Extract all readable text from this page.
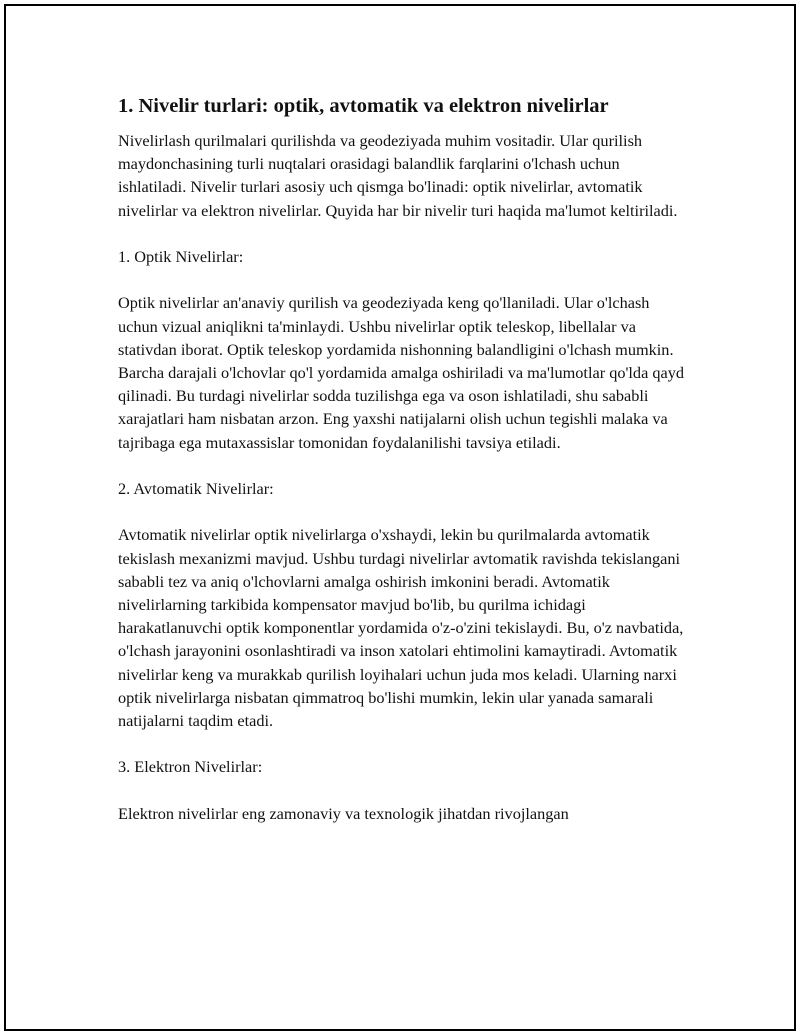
1. Nivelir turlari: optik, avtomatik va elektron nivelirlar

Nivelirlash qurilmalari qurilishda va geodeziyada muhim vositadir. Ular qurilish maydonchasining turli nuqtalari orasidagi balandlik farqlarini o'lchash uchun ishlatiladi. Nivelir turlari asosiy uch qismga bo'linadi: optik nivelirlar, avtomatik nivelirlar va elektron nivelirlar. Quyida har bir nivelir turi haqida ma'lumot keltiriladi.

1. Optik Nivelirlar:

Optik nivelirlar an'anaviy qurilish va geodeziyada keng qo'llaniladi. Ular o'lchash uchun vizual aniqlikni ta'minlaydi. Ushbu nivelirlar optik teleskop, libellalar va stativdan iborat. Optik teleskop yordamida nishonning balandligini o'lchash mumkin. Barcha darajali o'lchovlar qo'l yordamida amalga oshiriladi va ma'lumotlar qo'lda qayd qilinadi. Bu turdagi nivelirlar sodda tuzilishga ega va oson ishlatiladi, shu sababli xarajatlari ham nisbatan arzon. Eng yaxshi natijalarni olish uchun tegishli malaka va tajribaga ega mutaxassislar tomonidan foydalanilishi tavsiya etiladi.

2. Avtomatik Nivelirlar:

Avtomatik nivelirlar optik nivelirlarga o'xshaydi, lekin bu qurilmalarda avtomatik tekislash mexanizmi mavjud. Ushbu turdagi nivelirlar avtomatik ravishda tekislangani sababli tez va aniq o'lchovlarni amalga oshirish imkonini beradi. Avtomatik nivelirlarning tarkibida kompensator mavjud bo'lib, bu qurilma ichidagi harakatlanuvchi optik komponentlar yordamida o'z-o'zini tekislaydi. Bu, o'z navbatida, o'lchash jarayonini osonlashtiradi va inson xatolari ehtimolini kamaytiradi. Avtomatik nivelirlar keng va murakkab qurilish loyihalari uchun juda mos keladi. Ularning narxi optik nivelirlarga nisbatan qimmatroq bo'lishi mumkin, lekin ular yanada samarali natijalarni taqdim etadi.

3. Elektron Nivelirlar:

Elektron nivelirlar eng zamonaviy va texnologik jihatdan rivojlangan
